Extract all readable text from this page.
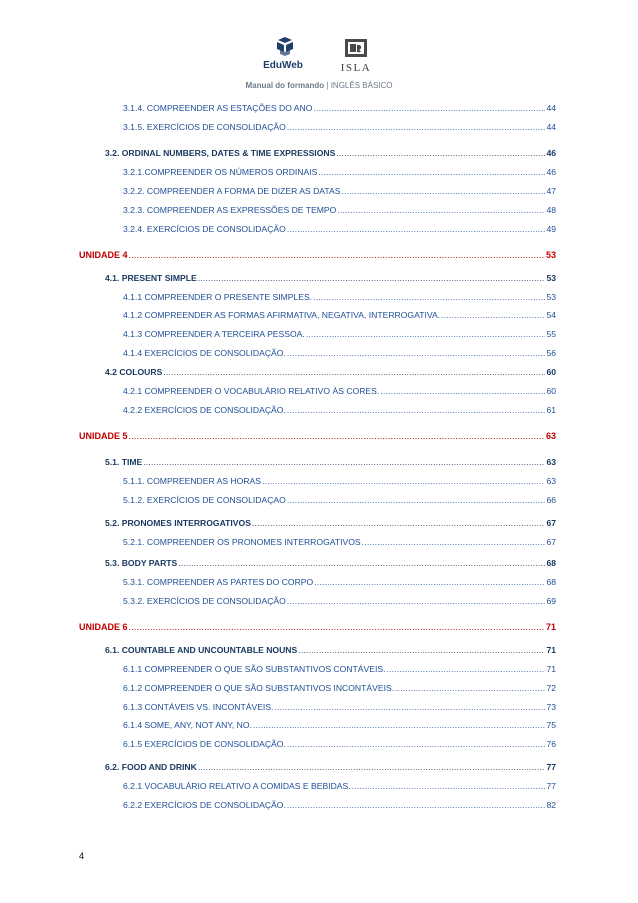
EduWeb	ISLA
Manual do formando | INGLÊS BÁSICO
3.1.4. COMPREENDER AS ESTAÇÕES DO ANO .....	44
3.1.5. EXERCÍCIOS DE CONSOLIDAÇÃO .....	44
3.2. ORDINAL NUMBERS, DATES & TIME EXPRESSIONS .....	46
3.2.1.COMPREENDER OS NÚMEROS ORDINAIS .....	46
3.2.2. COMPREENDER A FORMA DE DIZER AS DATAS .....	47
3.2.3. COMPREENDER AS EXPRESSÕES DE TEMPO .....	48
3.2.4. EXERCÍCIOS DE CONSOLIDAÇÃO .....	49
UNIDADE 4 .....	53
4.1. PRESENT SIMPLE .....	53
4.1.1 COMPREENDER O PRESENTE SIMPLES. .....	53
4.1.2 COMPREENDER AS FORMAS AFIRMATIVA, NEGATIVA, INTERROGATIVA. .....	54
4.1.3 COMPREENDER A TERCEIRA PESSOA. .....	55
4.1.4 EXERCÍCIOS DE CONSOLIDAÇÃO. .....	56
4.2 COLOURS .....	60
4.2.1 COMPREENDER O VOCABULÁRIO RELATIVO ÀS CORES. .....	60
4.2.2 EXERCÍCIOS DE CONSOLIDAÇÃO. .....	61
UNIDADE 5 .....	63
5.1. TIME .....	63
5.1.1. COMPREENDER AS HORAS .....	63
5.1.2. EXERCÍCIOS DE CONSOLIDAÇAO .....	66
5.2. PRONOMES INTERROGATIVOS .....	67
5.2.1. COMPREENDER OS PRONOMES INTERROGATIVOS .....	67
5.3. BODY PARTS .....	68
5.3.1. COMPREENDER AS PARTES DO CORPO .....	68
5.3.2. EXERCÍCIOS DE CONSOLIDAÇÃO .....	69
UNIDADE 6 .....	71
6.1. COUNTABLE AND UNCOUNTABLE NOUNS .....	71
6.1.1 COMPREENDER O QUE SÃO SUBSTANTIVOS CONTÁVEIS. .....	71
6.1.2 COMPREENDER O QUE SÃO SUBSTANTIVOS INCONTÁVEIS. .....	72
6.1.3 CONTÁVEIS VS. INCONTÁVEIS. .....	73
6.1.4 SOME, ANY, NOT ANY, NO. .....	75
6.1.5 EXERCÍCIOS DE CONSOLIDAÇÃO. .....	76
6.2. FOOD AND DRINK .....	77
6.2.1 VOCABULÁRIO RELATIVO A COMIDAS E BEBIDAS. .....	77
6.2.2 EXERCÍCIOS DE CONSOLIDAÇÃO. .....	82
4
